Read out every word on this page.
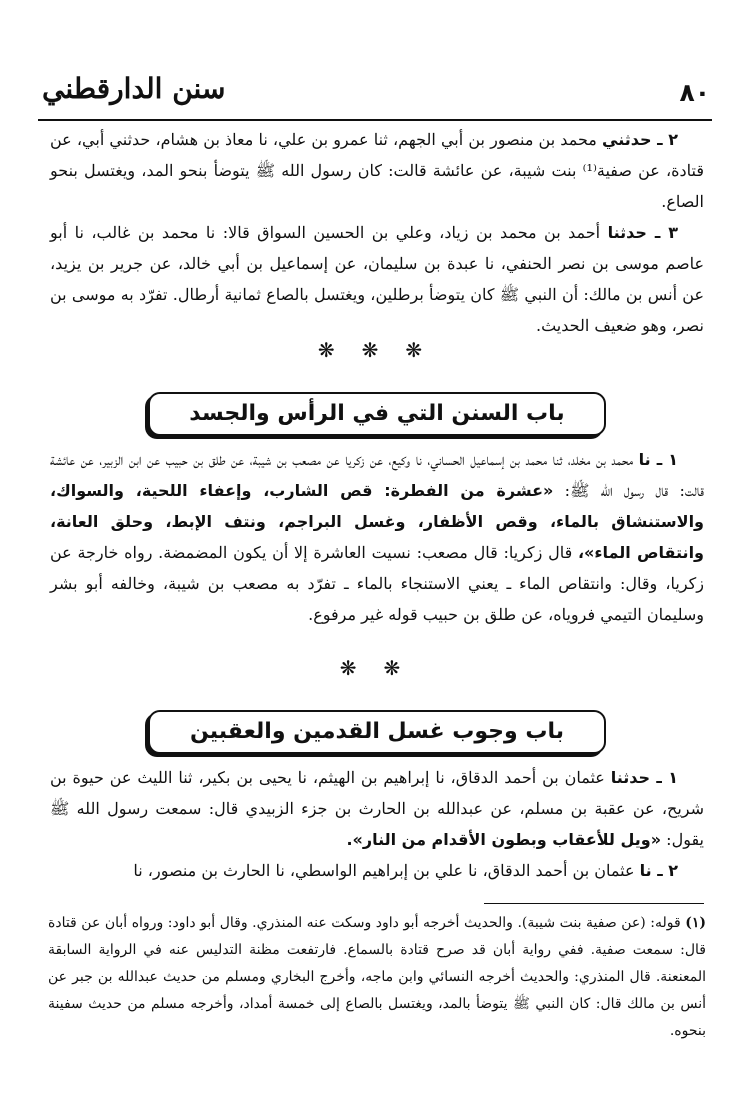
٨٠
سنن الدارقطني

٢ ـ حدثني محمد بن منصور بن أبي الجهم، ثنا عمرو بن علي، نا معاذ بن هشام، حدثني أبي، عن قتادة، عن صفية⁽¹⁾ بنت شيبة، عن عائشة قالت: كان رسول الله ﷺ يتوضأ بنحو المد، ويغتسل بنحو الصاع.

٣ ـ حدثنا أحمد بن محمد بن زياد، وعلي بن الحسين السواق قالا: نا محمد بن غالب، نا أبو عاصم موسى بن نصر الحنفي، نا عبدة بن سليمان، عن إسماعيل بن أبي خالد، عن جرير بن يزيد، عن أنس بن مالك: أن النبي ﷺ كان يتوضأ برطلين، ويغتسل بالصاع ثمانية أرطال. تفرّد به موسى بن نصر، وهو ضعيف الحديث.

❋ ❋ ❋
باب السنن التي في الرأس والجسد

١ ـ نا محمد بن مخلد، ثنا محمد بن إسماعيل الحساني، نا وكيع، عن زكريا عن مصعب بن شيبة، عن طلق بن حبيب عن ابن الزبير، عن عائشة قالت: قال رسول الله ﷺ: «عشرة من الفطرة: قص الشارب، وإعفاء اللحية، والسواك، والاستنشاق بالماء، وقص الأظفار، وغسل البراجم، ونتف الإبط، وحلق العانة، وانتقاص الماء»، قال زكريا: قال مصعب: نسيت العاشرة إلا أن يكون المضمضة. رواه خارجة عن زكريا، وقال: وانتقاص الماء ـ يعني الاستنجاء بالماء ـ تفرّد به مصعب بن شيبة، وخالفه أبو بشر وسليمان التيمي فروياه، عن طلق بن حبيب قوله غير مرفوع.

❋ ❋
باب وجوب غسل القدمين والعقبين

١ ـ حدثنا عثمان بن أحمد الدقاق، نا إبراهيم بن الهيثم، نا يحيى بن بكير، ثنا الليث عن حيوة بن شريح، عن عقبة بن مسلم، عن عبدالله بن الحارث بن جزء الزبيدي قال: سمعت رسول الله ﷺ يقول: «ويل للأعقاب وبطون الأقدام من النار».

٢ ـ نا عثمان بن أحمد الدقاق، نا علي بن إبراهيم الواسطي، نا الحارث بن منصور، نا

(١) قوله: (عن صفية بنت شيبة). والحديث أخرجه أبو داود وسكت عنه المنذري. وقال أبو داود: ورواه أبان عن قتادة قال: سمعت صفية. ففي رواية أبان قد صرح قتادة بالسماع. فارتفعت مظنة التدليس عنه في الرواية السابقة المعنعنة. قال المنذري: والحديث أخرجه النسائي وابن ماجه، وأخرج البخاري ومسلم من حديث عبدالله بن جبر عن أنس بن مالك قال: كان النبي ﷺ يتوضأ بالمد، ويغتسل بالصاع إلى خمسة أمداد، وأخرجه مسلم من حديث سفينة بنحوه.
